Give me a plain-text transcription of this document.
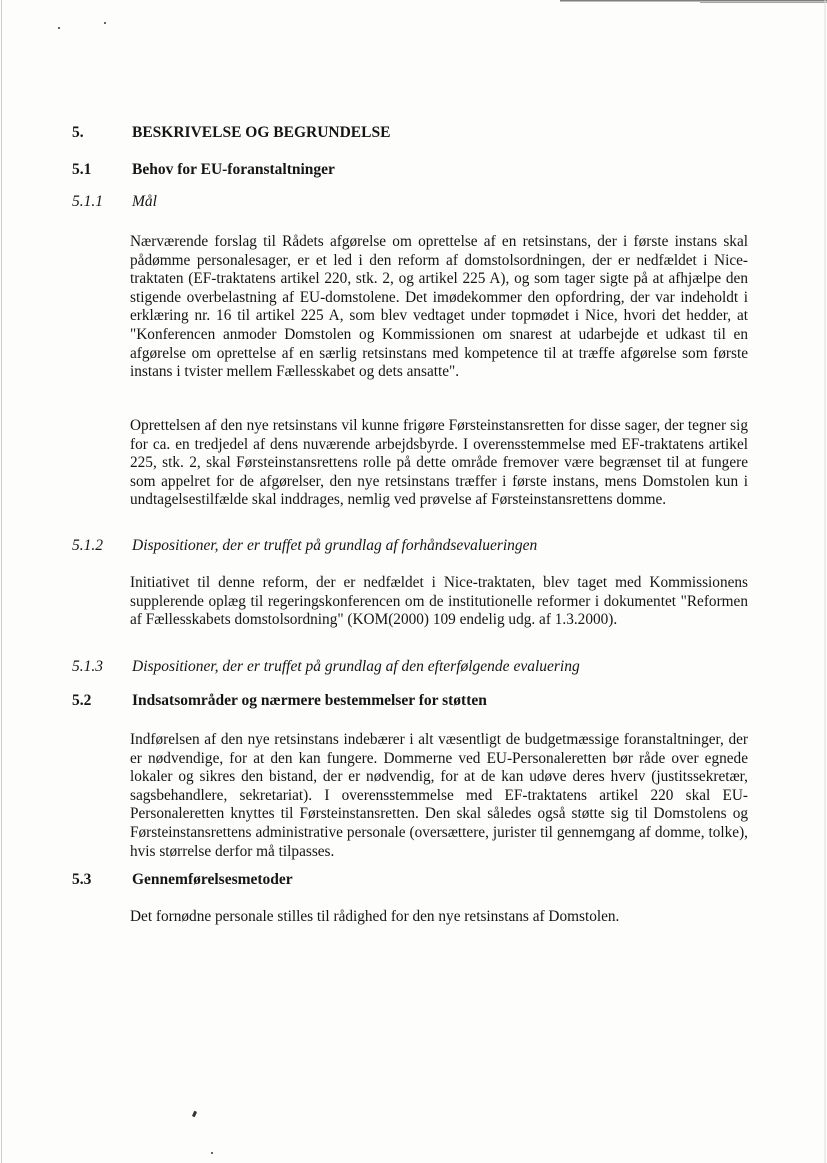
5.	BESKRIVELSE OG BEGRUNDELSE
5.1	Behov for EU-foranstaltninger
5.1.1 Mål

Nærværende forslag til Rådets afgørelse om oprettelse af en retsinstans, der i første instans skal pådømme personalesager, er et led i den reform af domstolsordningen, der er nedfældet i Nice-traktaten (EF-traktatens artikel 220, stk. 2, og artikel 225 A), og som tager sigte på at afhjælpe den stigende overbelastning af EU-domstolene. Det imødekommer den opfordring, der var indeholdt i erklæring nr. 16 til artikel 225 A, som blev vedtaget under topmødet i Nice, hvori det hedder, at "Konferencen anmoder Domstolen og Kommissionen om snarest at udarbejde et udkast til en afgørelse om oprettelse af en særlig retsinstans med kompetence til at træffe afgørelse som første instans i tvister mellem Fællesskabet og dets ansatte".

Oprettelsen af den nye retsinstans vil kunne frigøre Førsteinstansretten for disse sager, der tegner sig for ca. en tredjedel af dens nuværende arbejdsbyrde. I overensstemmelse med EF-traktatens artikel 225, stk. 2, skal Førsteinstansrettens rolle på dette område fremover være begrænset til at fungere som appelret for de afgørelser, den nye retsinstans træffer i første instans, mens Domstolen kun i undtagelsestilfælde skal inddrages, nemlig ved prøvelse af Førsteinstansrettens domme.

5.1.2 Dispositioner, der er truffet på grundlag af forhåndsevalueringen

Initiativet til denne reform, der er nedfældet i Nice-traktaten, blev taget med Kommissionens supplerende oplæg til regeringskonferencen om de institutionelle reformer i dokumentet "Reformen af Fællesskabets domstolsordning" (KOM(2000) 109 endelig udg. af 1.3.2000).

5.1.3 Dispositioner, der er truffet på grundlag af den efterfølgende evaluering
5.2	Indsatsområder og nærmere bestemmelser for støtten

Indførelsen af den nye retsinstans indebærer i alt væsentligt de budgetmæssige foranstaltninger, der er nødvendige, for at den kan fungere. Dommerne ved EU-Personaleretten bør råde over egnede lokaler og sikres den bistand, der er nødvendig, for at de kan udøve deres hverv (justitssekretær, sagsbehandlere, sekretariat). I overensstemmelse med EF-traktatens artikel 220 skal EU-Personaleretten knyttes til Førsteinstansretten. Den skal således også støtte sig til Domstolens og Førsteinstansrettens administrative personale (oversættere, jurister til gennemgang af domme, tolke), hvis størrelse derfor må tilpasses.

5.3	Gennemførelsesmetoder

Det fornødne personale stilles til rådighed for den nye retsinstans af Domstolen.
